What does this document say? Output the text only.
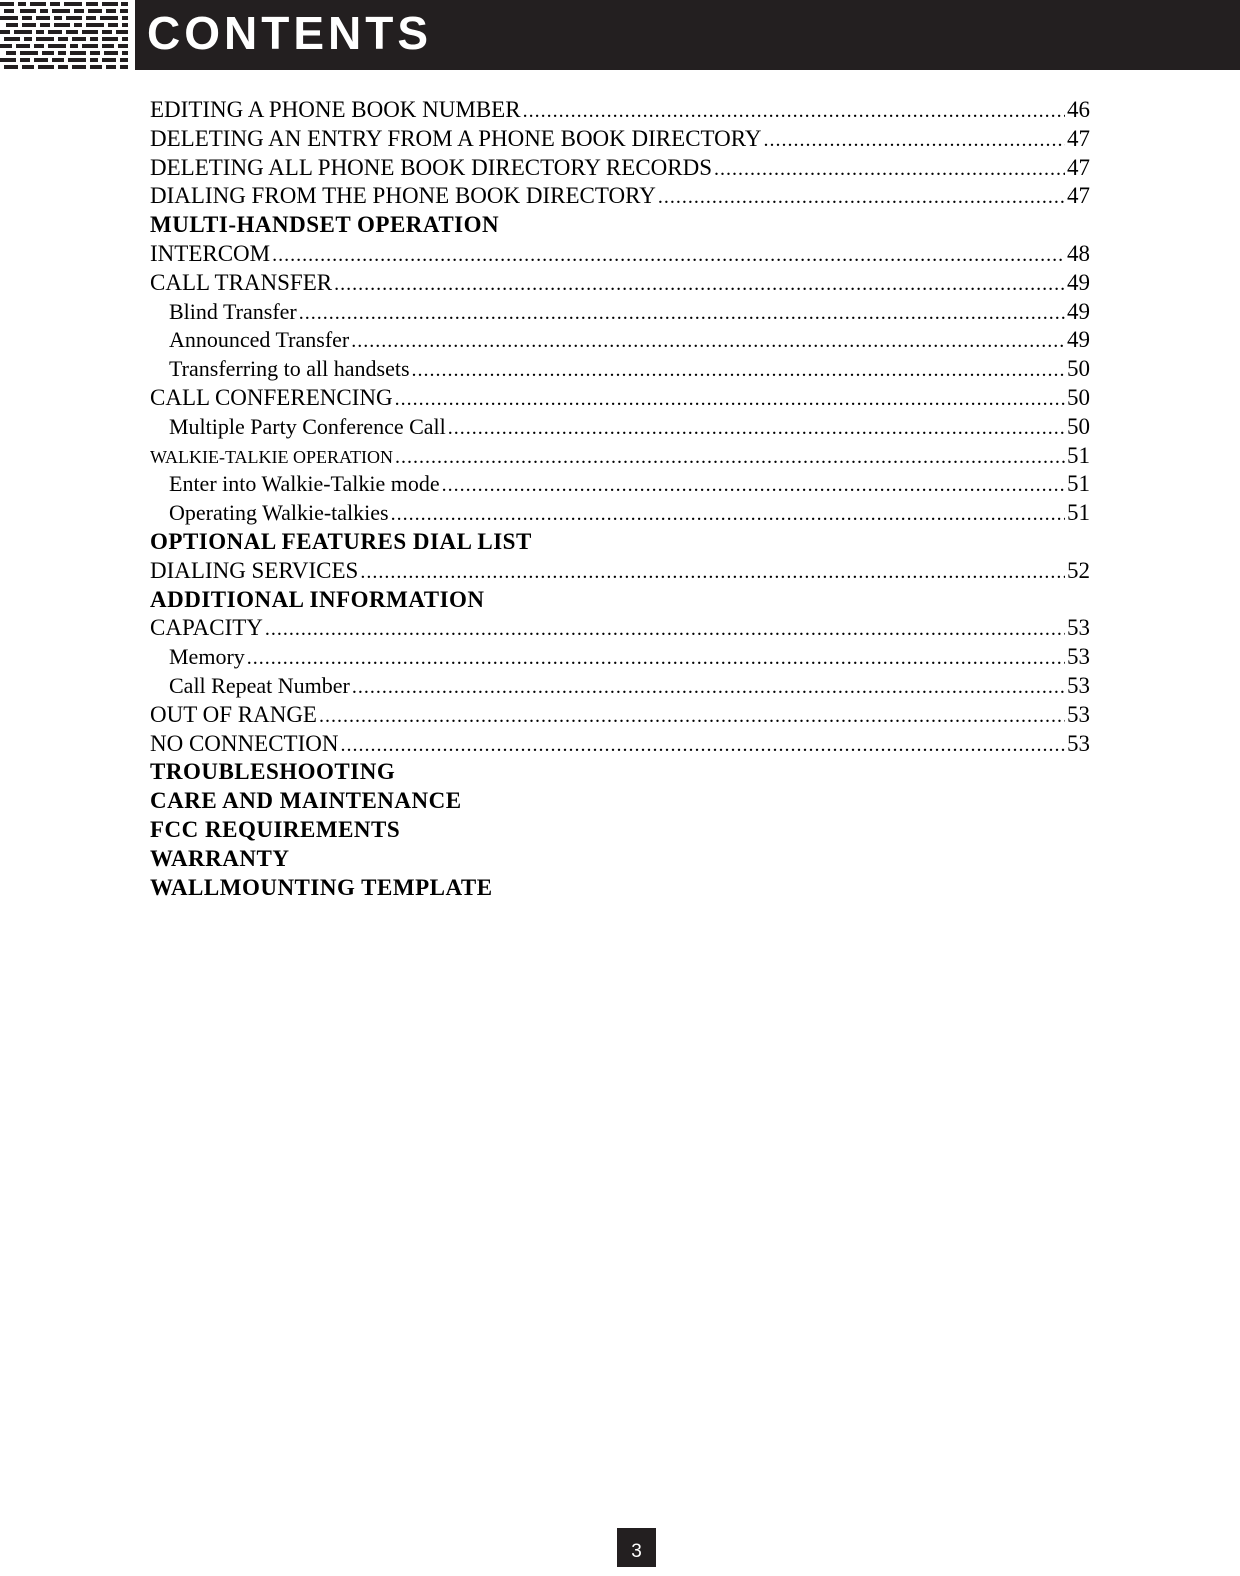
CONTENTS
EDITING A PHONE BOOK NUMBER .....	46
DELETING AN ENTRY FROM A PHONE BOOK DIRECTORY .....	47
DELETING ALL PHONE BOOK DIRECTORY RECORDS .....	47
DIALING FROM THE PHONE BOOK DIRECTORY .....	47
MULTI-HANDSET OPERATION
INTERCOM .....	48
CALL TRANSFER .....	49
Blind Transfer .....	49
Announced Transfer .....	49
Transferring to all handsets .....	50
CALL CONFERENCING .....	50
Multiple Party Conference Call .....	50
WALKIE-TALKIE OPERATION .....	51
Enter into Walkie-Talkie mode .....	51
Operating Walkie-talkies .....	51
OPTIONAL FEATURES DIAL LIST
DIALING SERVICES .....	52
ADDITIONAL INFORMATION
CAPACITY .....	53
Memory .....	53
Call Repeat Number .....	53
OUT OF RANGE .....	53
NO CONNECTION .....	53
TROUBLESHOOTING
CARE AND MAINTENANCE
FCC REQUIREMENTS
WARRANTY
WALLMOUNTING TEMPLATE
3
